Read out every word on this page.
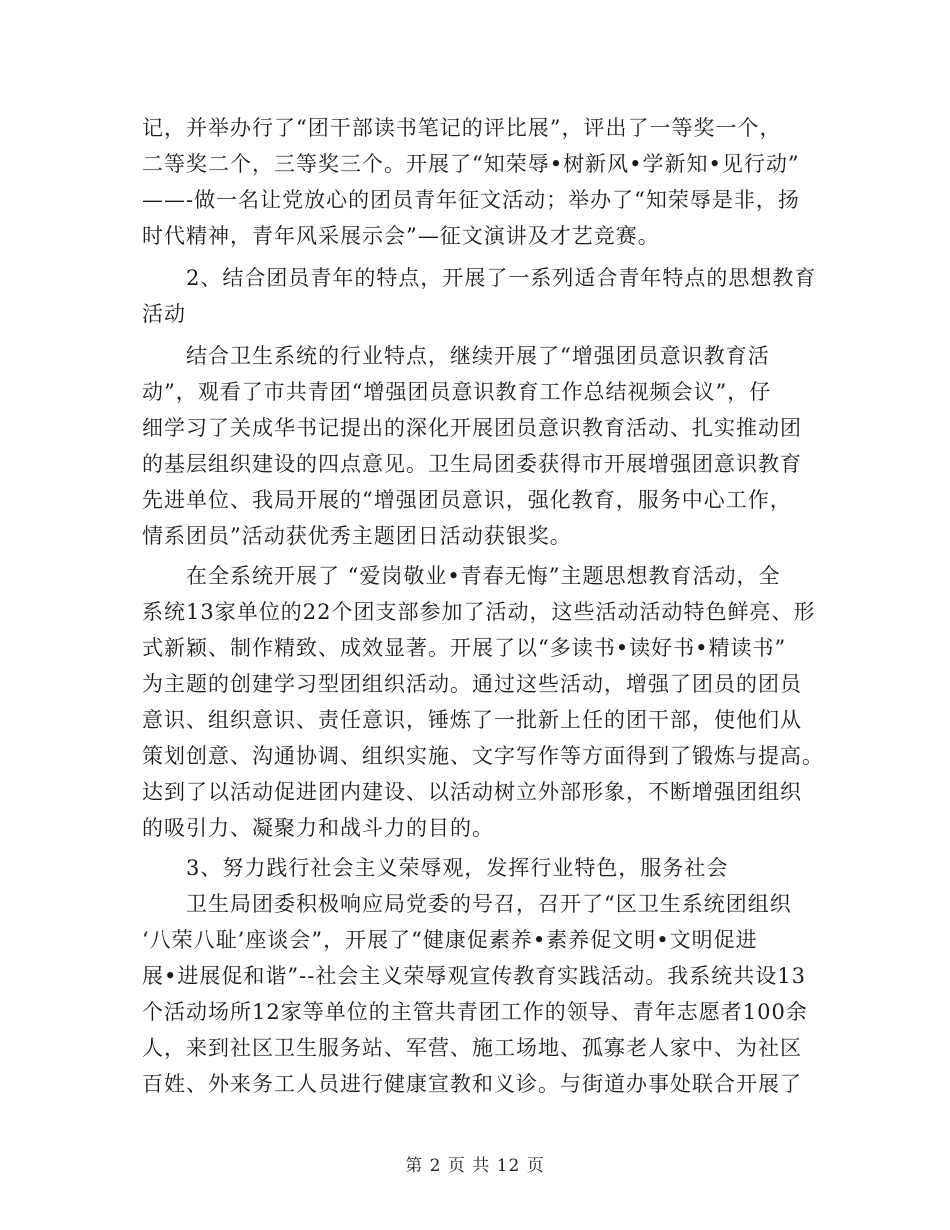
记，并举办行了“团干部读书笔记的评比展”，评出了一等奖一个，
二等奖二个，三等奖三个。开展了“知荣辱•树新风•学新知•见行动”
——-做一名让党放心的团员青年征文活动；举办了“知荣辱是非，扬
时代精神，青年风采展示会”—征文演讲及才艺竞赛。
2、结合团员青年的特点，开展了一系列适合青年特点的思想教育
活动
结合卫生系统的行业特点，继续开展了“增强团员意识教育活
动”，观看了市共青团“增强团员意识教育工作总结视频会议”，仔
细学习了关成华书记提出的深化开展团员意识教育活动、扎实推动团
的基层组织建设的四点意见。卫生局团委获得市开展增强团意识教育
先进单位、我局开展的“增强团员意识，强化教育，服务中心工作，
情系团员”活动获优秀主题团日活动获银奖。
在全系统开展了 “爱岗敬业•青春无悔”主题思想教育活动，全
系统13家单位的22个团支部参加了活动，这些活动活动特色鲜亮、形
式新颖、制作精致、成效显著。开展了以“多读书•读好书•精读书”
为主题的创建学习型团组织活动。通过这些活动，增强了团员的团员
意识、组织意识、责任意识，锤炼了一批新上任的团干部，使他们从
策划创意、沟通协调、组织实施、文字写作等方面得到了锻炼与提高。
达到了以活动促进团内建设、以活动树立外部形象，不断增强团组织
的吸引力、凝聚力和战斗力的目的。
3、努力践行社会主义荣辱观，发挥行业特色，服务社会
卫生局团委积极响应局党委的号召，召开了“区卫生系统团组织
‘八荣八耻’座谈会”，开展了“健康促素养•素养促文明•文明促进
展•进展促和谐”--社会主义荣辱观宣传教育实践活动。我系统共设13
个活动场所12家等单位的主管共青团工作的领导、青年志愿者100余
人，来到社区卫生服务站、军营、施工场地、孤寡老人家中、为社区
百姓、外来务工人员进行健康宣教和义诊。与街道办事处联合开展了
第 2 页 共 12 页
